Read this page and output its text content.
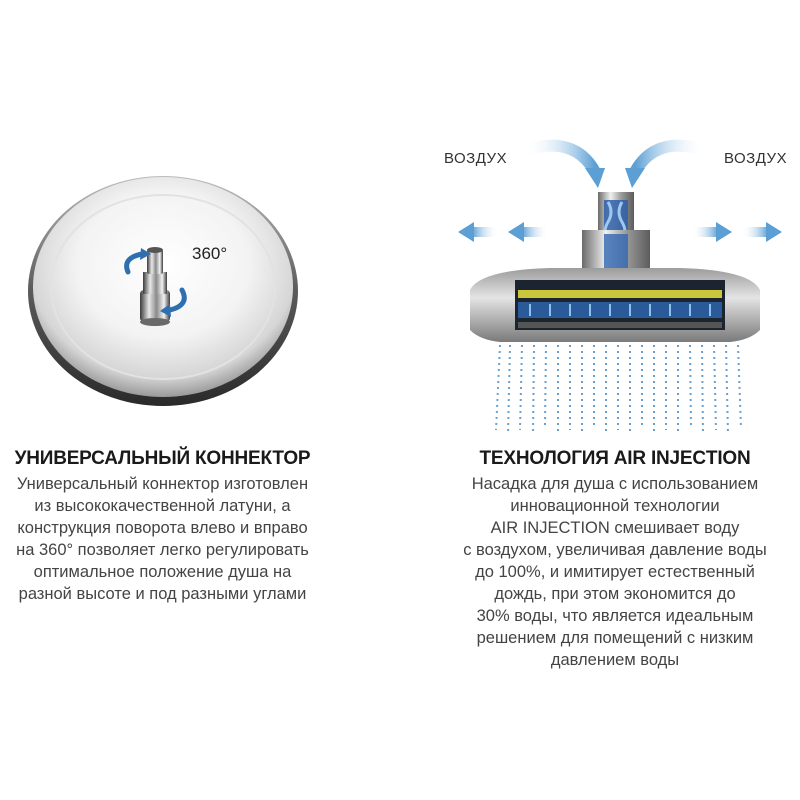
360°
ВОЗДУХ	ВОЗДУХ
УНИВЕРСАЛЬНЫЙ КОННЕКТОР
Универсальный коннектор изготовлен
из высококачественной латуни, а
конструкция поворота влево и вправо
на 360° позволяет легко регулировать
оптимальное положение душа на
разной высоте и под разными углами
ТЕХНОЛОГИЯ AIR INJECTION
Насадка для душа с использованием
инновационной технологии
AIR INJECTION смешивает воду
с воздухом, увеличивая давление воды
до 100%, и имитирует естественный
дождь, при этом экономится до
30% воды, что является идеальным
решением для помещений с низким
давлением воды
